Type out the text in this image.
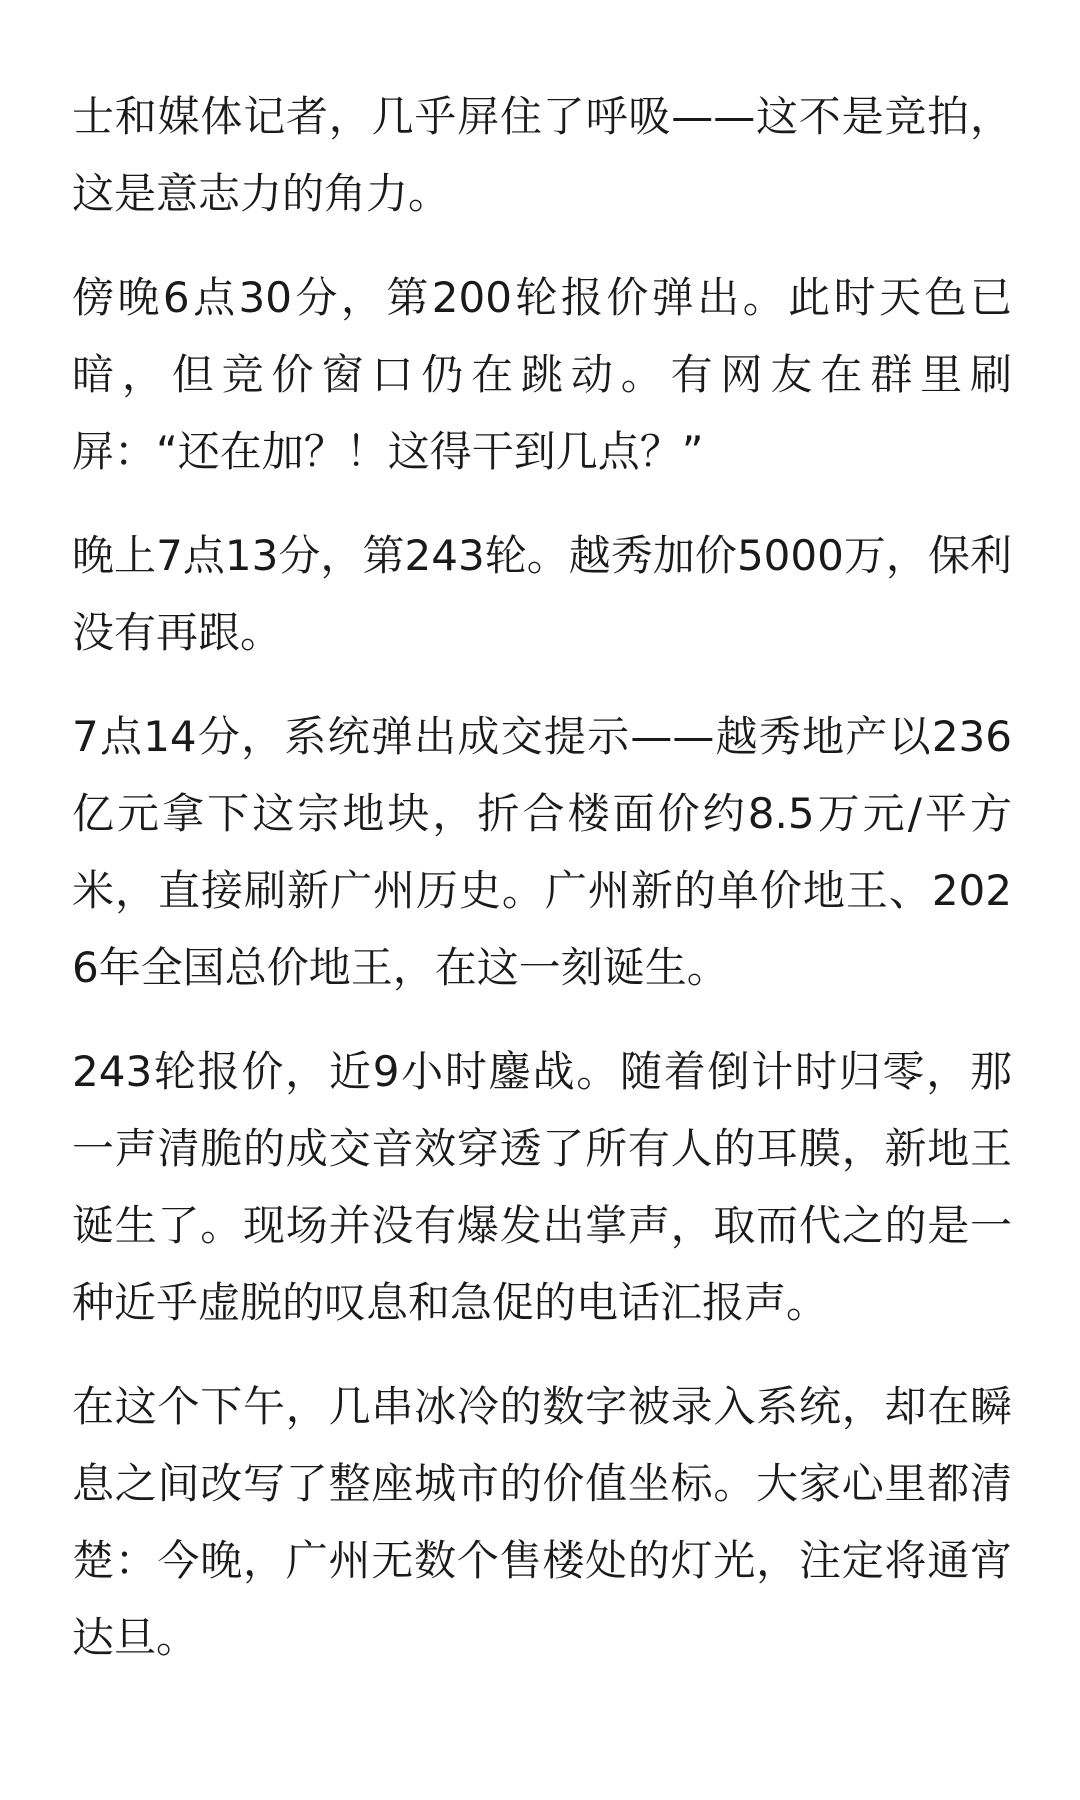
士和媒体记者，几乎屏住了呼吸——这不是竞拍，这是意志力的角力。

傍晚6点30分，第200轮报价弹出。此时天色已暗，但竞价窗口仍在跳动。有网友在群里刷屏：“还在加？！这得干到几点？”

晚上7点13分，第243轮。越秀加价5000万，保利没有再跟。

7点14分，系统弹出成交提示——越秀地产以236亿元拿下这宗地块，折合楼面价约8.5万元/平方米，直接刷新广州历史。广州新的单价地王、2026年全国总价地王，在这一刻诞生。

243轮报价，近9小时鏖战。随着倒计时归零，那一声清脆的成交音效穿透了所有人的耳膜，新地王诞生了。现场并没有爆发出掌声，取而代之的是一种近乎虚脱的叹息和急促的电话汇报声。

在这个下午，几串冰冷的数字被录入系统，却在瞬息之间改写了整座城市的价值坐标。大家心里都清楚：今晚，广州无数个售楼处的灯光，注定将通宵达旦。
